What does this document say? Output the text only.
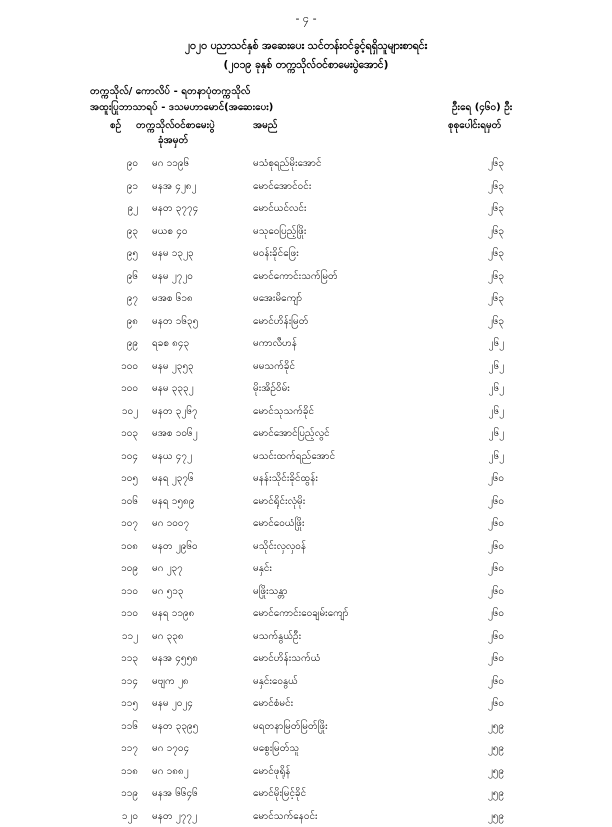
- ၄ -
၂၀၂၀ ပညာသင်နှစ် အဆေးပေး သင်တန်းဝင်ခွင့်ရရှိသူများစာရင်း
(၂၀၁၉ ခုနှစ် တက္ကသိုလ်ဝင်စာမေးပွဲအောင်)
တက္ကသိုလ်/ ကောလိပ် - ရတနာပုံတက္ကသိုလ်
အထူးပြုဘာသာရပ် - ဒသမဟာမောင်(အဆေးပေး)	ဦးရေ (၄၆၀) ဦး
စဉ် တက္ကသိုလ်ဝင်စာမေးပွဲ
ခုံအမှတ်
အမည်	စုစုပေါင်းရမှတ်
၉၀ မဂ ၁၁၉၆	မသံစုရည်မိုးအောင်	၂၆၃
၉၁ မနအ ၄၂၈၂	မောင်အောင်ဝင်း	၂၆၃
၉၂ မနတ ၃၇၇၄	မောင်ယင်လင်း	၂၆၃
၉၃ မယစ ၄၀	မသုဝေပြည့်ဖြိုး	၂၆၃
၉၅ မနမ ၁၃၂၃	မဝန်းခိုင်ဖြေး	၂၆၃
၉၆ မနမ ၂၇၂၀	မောင်ကောင်းသက်မြတ်	၂၆၃
၉၇ မအစ ၆၁၈	မအေးမိကျော်	၂၆၃
၉၈ မနတ ၁၆၃၅	မောင်ဟိန်းမြတ်	၂၆၃
၉၉ ရခစ ၈၄၃	မကာလီဟန်	၂၆၂
၁၀၀ မနမ ၂၃၅၃	မမသက်ခိုင်	၂၆၂
၁၀၀ မနမ ၃၃၃၂	မိုးအိဉ်ဝိမ်း	၂၆၂
၁၀၂ မနတ ၃၂၆၇	မောင်သုသက်ခိုင်	၂၆၂
၁၀၃ မအစ ၁၀၆၂	မောင်အောင်ပြည့်လွင်	၂၆၂
၁၀၄ မနယ ၄၇၂	မသင်းထက်ရည်အောင်	၂၆၂
၁၀၅ မနရ ၂၃၇၆	မနန်းသိုင်းခိုင်ထွန်း	၂၆၀
၁၀၆ မနရ ၁၅၈၉	မောင်ရိုင်းလုံမိုး	၂၆၀
၁၀၇ မဂ ၁၀၀၇	မောင်ဝေယံဖြိုး	၂၆၀
၁၀၈ မနတ ၂၉၆၀	မသိုင်းလှလှ၀န်	၂၆၀
၁၀၉ မဂ ၂၃၇	မနှင်း	၂၆၀
၁၁၀ မဂ ၅၁၃	မဖြိုးသန္တာ	၂၆၀
၁၁၀ မနရ ၁၁၉၈	မောင်ကောင်းဝေချမ်းကျော်	၂၆၀
၁၁၂ မဂ ၃၃၈	မသက်နွယ်ဦး	၂၆၀
၁၁၃ မနအ ၄၅၅၈	မောင်ဟိန်းသက်ယံ	၂၆၀
၁၁၄ မဗျက ၂၈	မနှင်းဝေနွယ်	၂၆၀
၁၁၅ မနမ ၂၀၂၄	မောင်စံမင်း	၂၆၀
၁၁၆ မနတ ၃၃၉၅	မရတနာမြတ်မြတ်ဖြိုး	၂၅၉
၁၁၇ မဂ ၁၇၀၄	မစွေးမြတ်သူ	၂၅၉
၁၁၈ မဂ ၁၈၈၂	မောင်ဖုရိုန်	၂၅၉
၁၁၉ မနအ ၆၆၄၆	မောင်မိုးမြင့်ခိုင်	၂၅၉
၁၂၀ မနတ ၂၇၇၂	မောင်သက်နေဝင်း	၂၅၉
